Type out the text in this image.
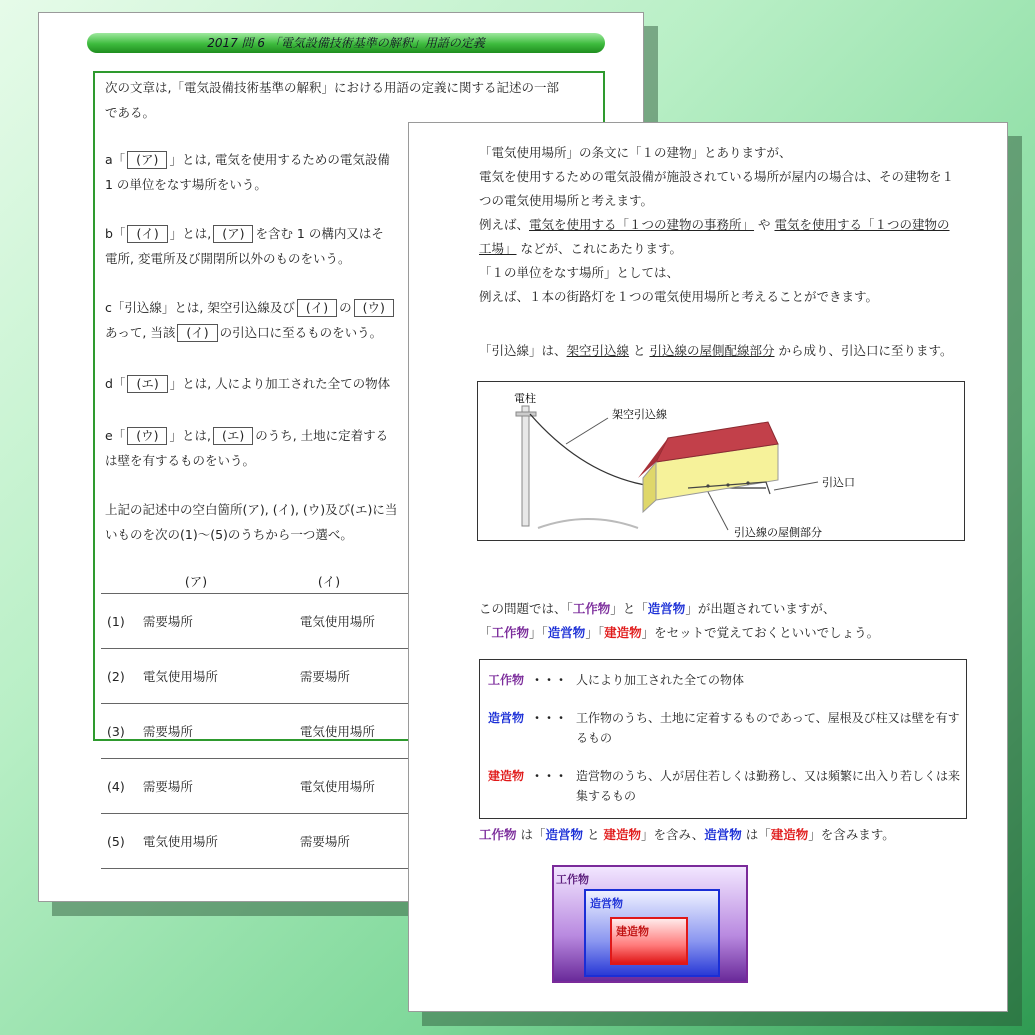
2017 問 6 「電気設備技術基準の解釈」用語の定義
次の文章は,「電気設備技術基準の解釈」における用語の定義に関する記述の一部
である。
a「 (ア) 」とは, 電気を使用するための電気設備
1 の単位をなす場所をいう。
b「 (イ) 」とは, (ア) を含む 1 の構内又はそ
電所, 変電所及び開閉所以外のものをいう。
c「引込線」とは, 架空引込線及び (イ) の (ウ)
あって, 当該 (イ) の引込口に至るものをいう。
d「 (エ) 」とは, 人により加工された全ての物体
e「 (ウ) 」とは, (エ) のうち, 土地に定着する
は壁を有するものをいう。
上記の記述中の空白箇所(ア), (イ), (ウ)及び(エ)に当
いものを次の(1)〜(5)のうちから一つ選べ。
	(ア)	(イ)	
(1)	需要場所	電気使用場所	
(2)	電気使用場所	需要場所	
(3)	需要場所	電気使用場所	
(4)	需要場所	電気使用場所	
(5)	電気使用場所	需要場所	
「電気使用場所」の条文に「１の建物」とありますが、
電気を使用するための電気設備が施設されている場所が屋内の場合は、その建物を１
つの電気使用場所と考えます。
例えば、電気を使用する「１つの建物の事務所」 や 電気を使用する「１つの建物の
工場」 などが、これにあたります。
「１の単位をなす場所」としては、
例えば、１本の街路灯を１つの電気使用場所と考えることができます。
「引込線」は、架空引込線 と 引込線の屋側配線部分 から成り、引込口に至ります。
電柱
架空引込線
引込口
引込線の屋側部分
この問題では、「工作物」と「造営物」が出題されていますが、
「工作物」「造営物」「建造物」をセットで覚えておくといいでしょう。
工作物 ・・・ 人により加工された全ての物体
造営物 ・・・ 工作物のうち、土地に定着するものであって、屋根及び柱又は壁を有するもの
建造物 ・・・ 造営物のうち、人が居住若しくは勤務し、又は頻繁に出入り若しくは来集するもの
工作物 は「造営物 と 建造物」を含み、造営物 は「建造物」を含みます。
工作物
造営物
建造物
